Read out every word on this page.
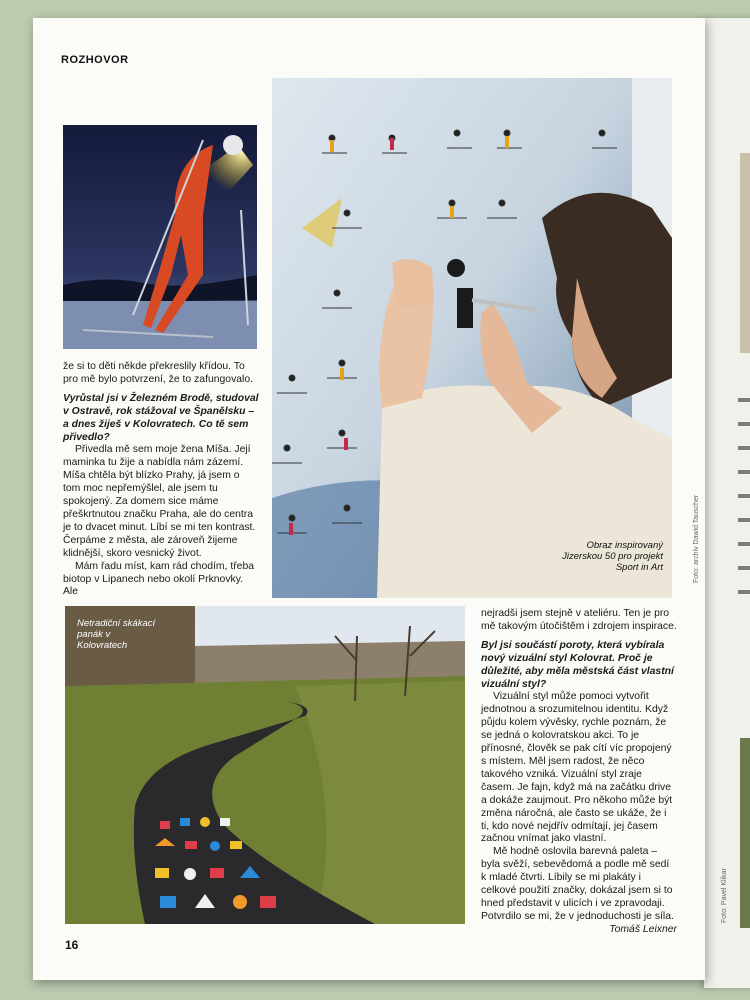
ROZHOVOR
Obraz inspirovaný Jizerskou 50 pro projekt Sport in Art	Foto: archiv Dawid Tauscher

že si to děti někde překreslily křídou. To pro mě bylo potvrzení, že to zafungovalo.

Vyrůstal jsi v Železném Brodě, studoval v Ostravě, rok stážoval ve Španělsku – a dnes žiješ v Kolovratech. Co tě sem přivedlo?

Přivedla mě sem moje žena Míša. Její maminka tu žije a nabídla nám zázemí. Míša chtěla být blízko Prahy, já jsem o tom moc nepřemýšlel, ale jsem tu spokojený. Za domem sice máme přeškrtnutou značku Praha, ale do centra je to dvacet minut. Líbí se mi ten kontrast. Čerpáme z města, ale zároveň žijeme klidnější, skoro vesnický život.

Mám řadu míst, kam rád chodím, třeba biotop v Lipanech nebo okolí Prknovky. Ale

Netradiční skákací panák v Kolovratech

nejradši jsem stejně v ateliéru. Ten je pro mě takovým útočištěm i zdrojem inspirace.

Byl jsi součástí poroty, která vybírala nový vizuální styl Kolovrat. Proč je důležité, aby měla městská část vlastní vizuální styl?

Vizuální styl může pomoci vytvořit jednotnou a srozumitelnou identitu. Když půjdu kolem vývěsky, rychle poznám, že se jedná o kolovratskou akci. To je přínosné, člověk se pak cítí víc propojený s místem. Měl jsem radost, že něco takového vzniká. Vizuální styl zraje časem. Je fajn, když má na začátku drive a dokáže zaujmout. Pro někoho může být změna náročná, ale často se ukáže, že i ti, kdo nové nejdřív odmítají, jej časem začnou vnímat jako vlastní.

Mě hodně oslovila barevná paleta – byla svěží, sebevědomá a podle mě sedí k mladé čtvrti. Líbily se mi plakáty i celkové použití značky, dokázal jsem si to hned představit v ulicích i ve zpravodaji. Potvrdilo se mi, že v jednoduchosti je síla.
Tomáš Leixner

Foto: Pavel Klikar
16
